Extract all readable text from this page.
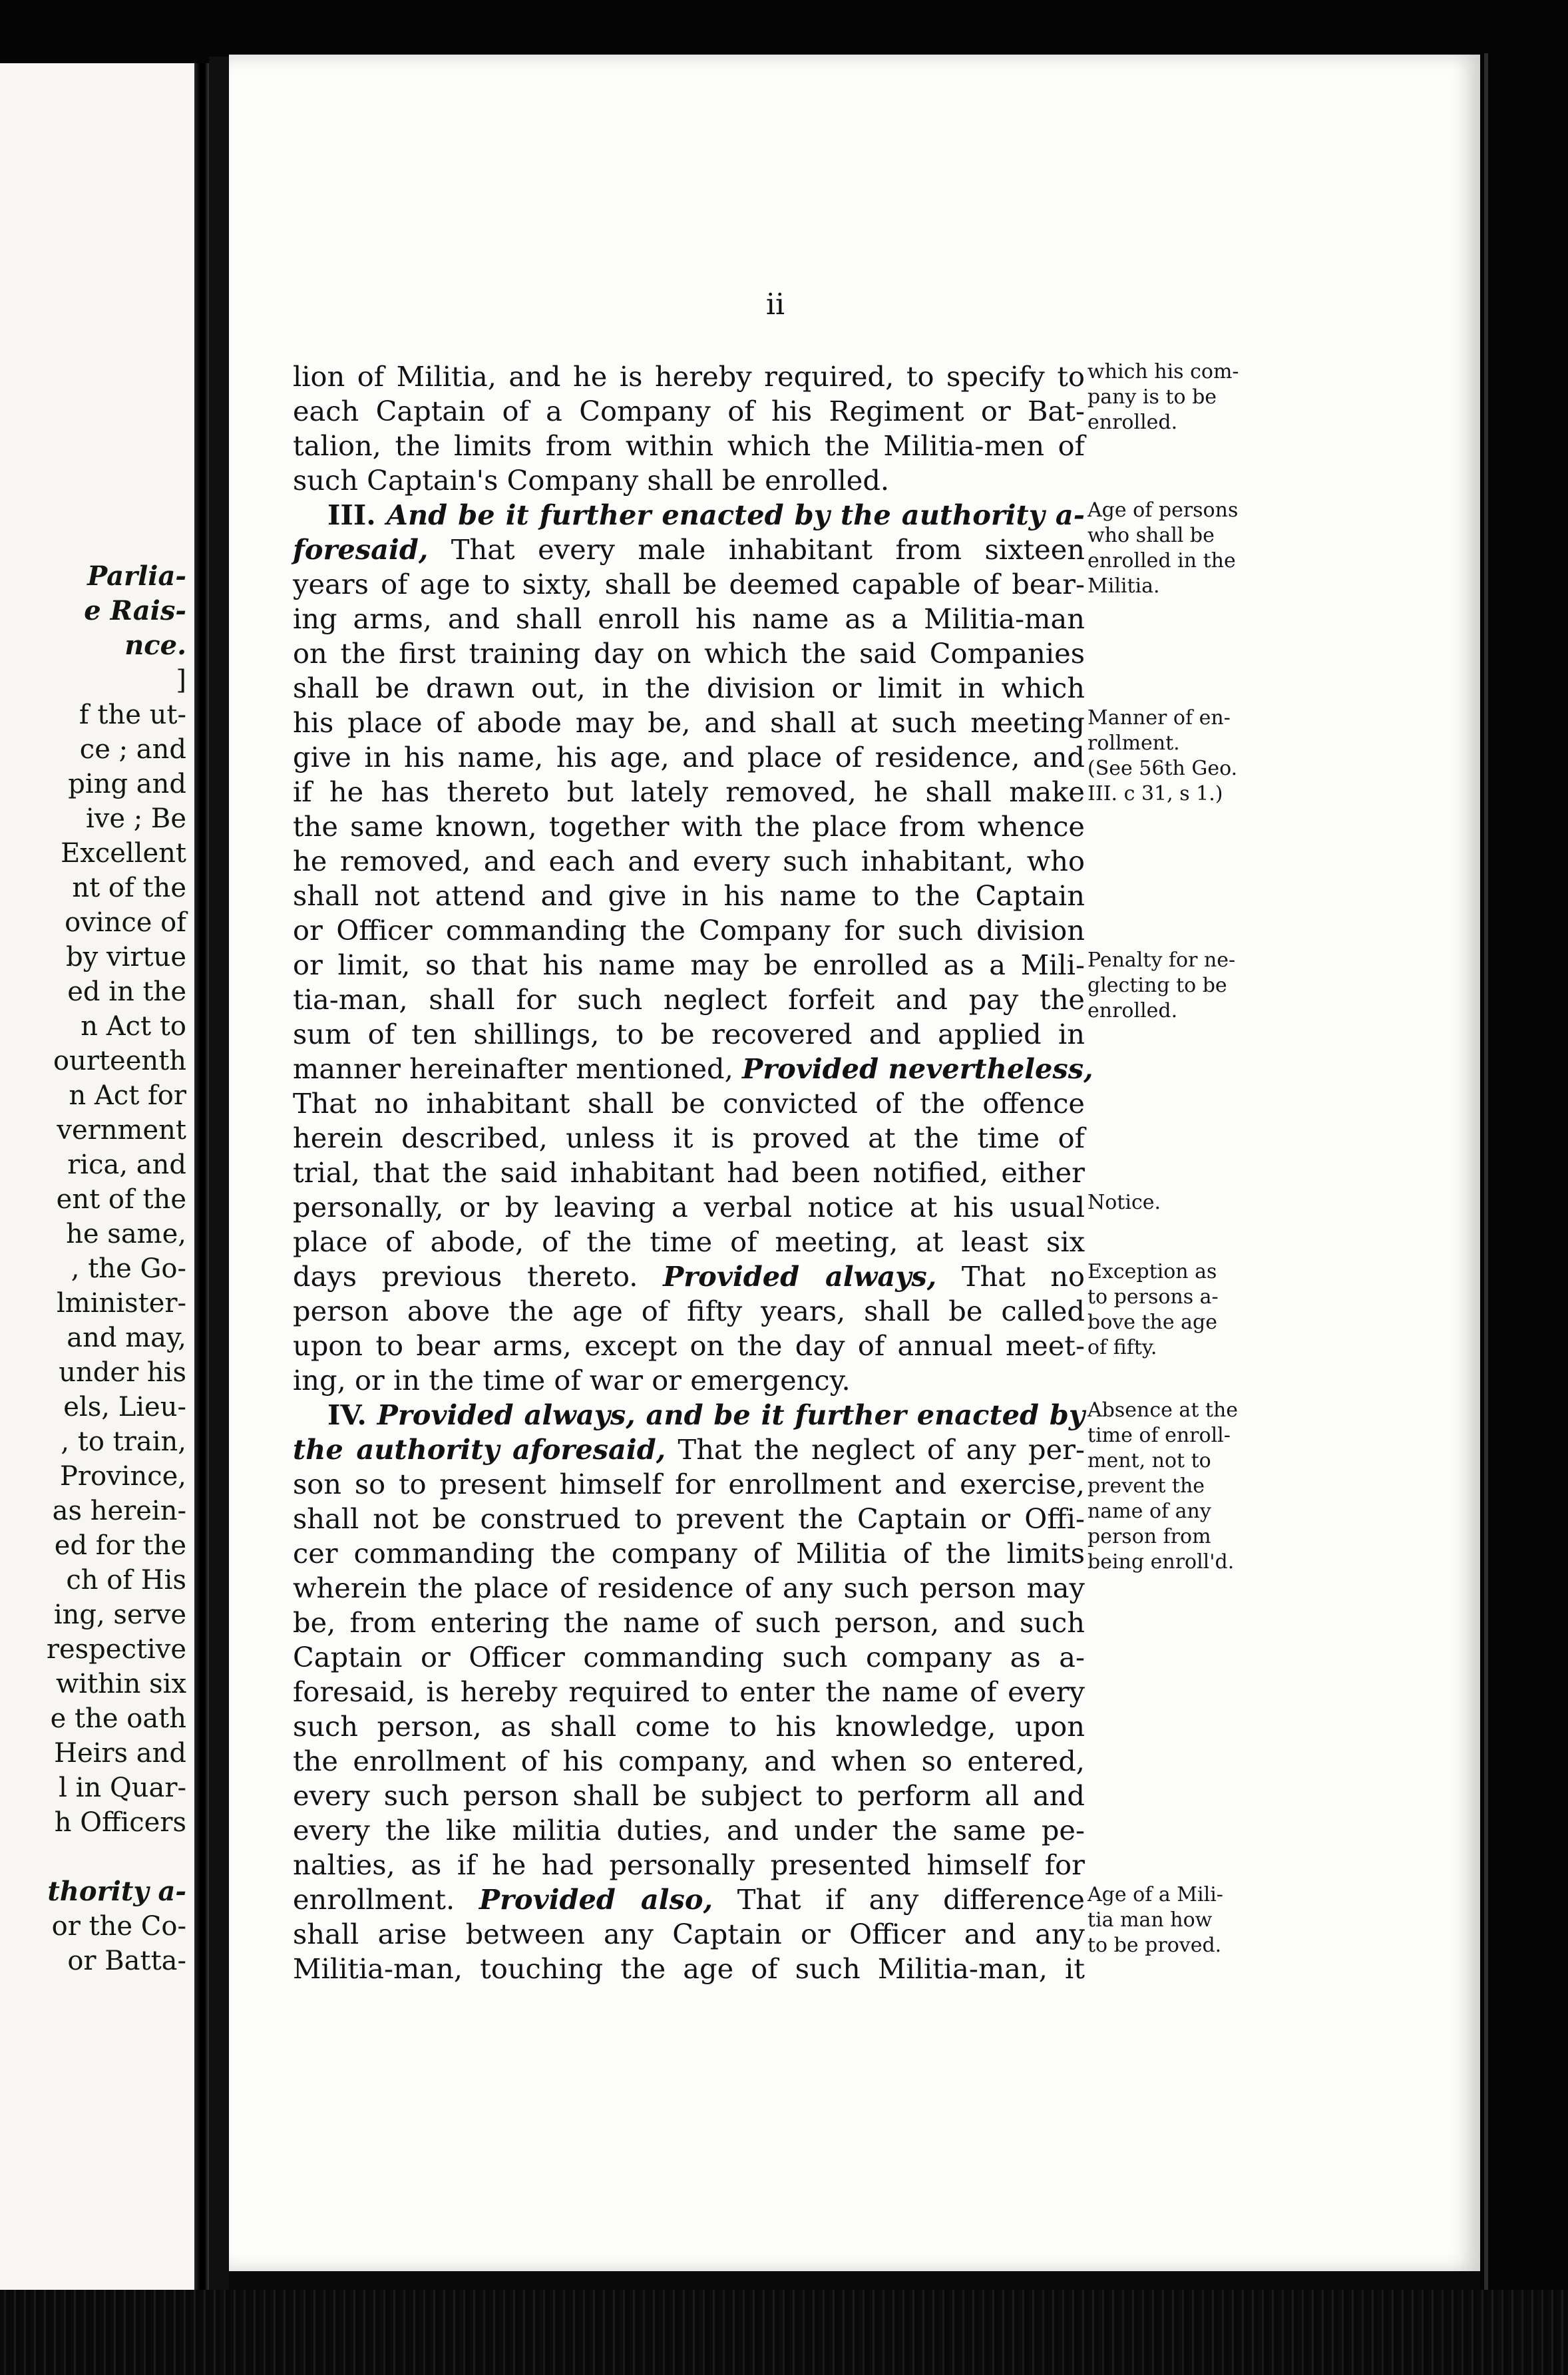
Parlia-
e Rais-
nce.
]
f the ut-
ce ; and
ping and
ive ; Be
Excellent
nt of the
ovince of
by virtue
ed in the
n Act to
ourteenth
n Act for
vernment
rica, and
ent of the
he same,
, the Go-
lminister-
and may,
under his
els, Lieu-
, to train,
Province,
as herein-
ed for the
ch of His
ing, serve
respective
within six
e the oath
Heirs and
l in Quar-
h Officers
thority a-
or the Co-
or Batta-
ii
lion of Militia, and he is hereby required, to specify to
each Captain of a Company of his Regiment or Bat-
talion, the limits from within which the Militia-men of
such Captain's Company shall be enrolled.
III. And be it further enacted by the authority a-
foresaid, That every male inhabitant from sixteen
years of age to sixty, shall be deemed capable of bear-
ing arms, and shall enroll his name as a Militia-man
on the first training day on which the said Companies
shall be drawn out, in the division or limit in which
his place of abode may be, and shall at such meeting
give in his name, his age, and place of residence, and
if he has thereto but lately removed, he shall make
the same known, together with the place from whence
he removed, and each and every such inhabitant, who
shall not attend and give in his name to the Captain
or Officer commanding the Company for such division
or limit, so that his name may be enrolled as a Mili-
tia-man, shall for such neglect forfeit and pay the
sum of ten shillings, to be recovered and applied in
manner hereinafter mentioned, Provided nevertheless,
That no inhabitant shall be convicted of the offence
herein described, unless it is proved at the time of
trial, that the said inhabitant had been notified, either
personally, or by leaving a verbal notice at his usual
place of abode, of the time of meeting, at least six
days previous thereto. Provided always, That no
person above the age of fifty years, shall be called
upon to bear arms, except on the day of annual meet-
ing, or in the time of war or emergency.
IV. Provided always, and be it further enacted by
the authority aforesaid, That the neglect of any per-
son so to present himself for enrollment and exercise,
shall not be construed to prevent the Captain or Offi-
cer commanding the company of Militia of the limits
wherein the place of residence of any such person may
be, from entering the name of such person, and such
Captain or Officer commanding such company as a-
foresaid, is hereby required to enter the name of every
such person, as shall come to his knowledge, upon
the enrollment of his company, and when so entered,
every such person shall be subject to perform all and
every the like militia duties, and under the same pe-
nalties, as if he had personally presented himself for
enrollment. Provided also, That if any difference
shall arise between any Captain or Officer and any
Militia-man, touching the age of such Militia-man, it
which his com-
pany is to be
enrolled.
Age of persons
who shall be
enrolled in the
Militia.
Manner of en-
rollment.
(See 56th Geo.
III. c 31, s 1.)
Penalty for ne-
glecting to be
enrolled.
Notice.
Exception as
to persons a-
bove the age
of fifty.
Absence at the
time of enroll-
ment, not to
prevent the
name of any
person from
being enroll'd.
Age of a Mili-
tia man how
to be proved.
